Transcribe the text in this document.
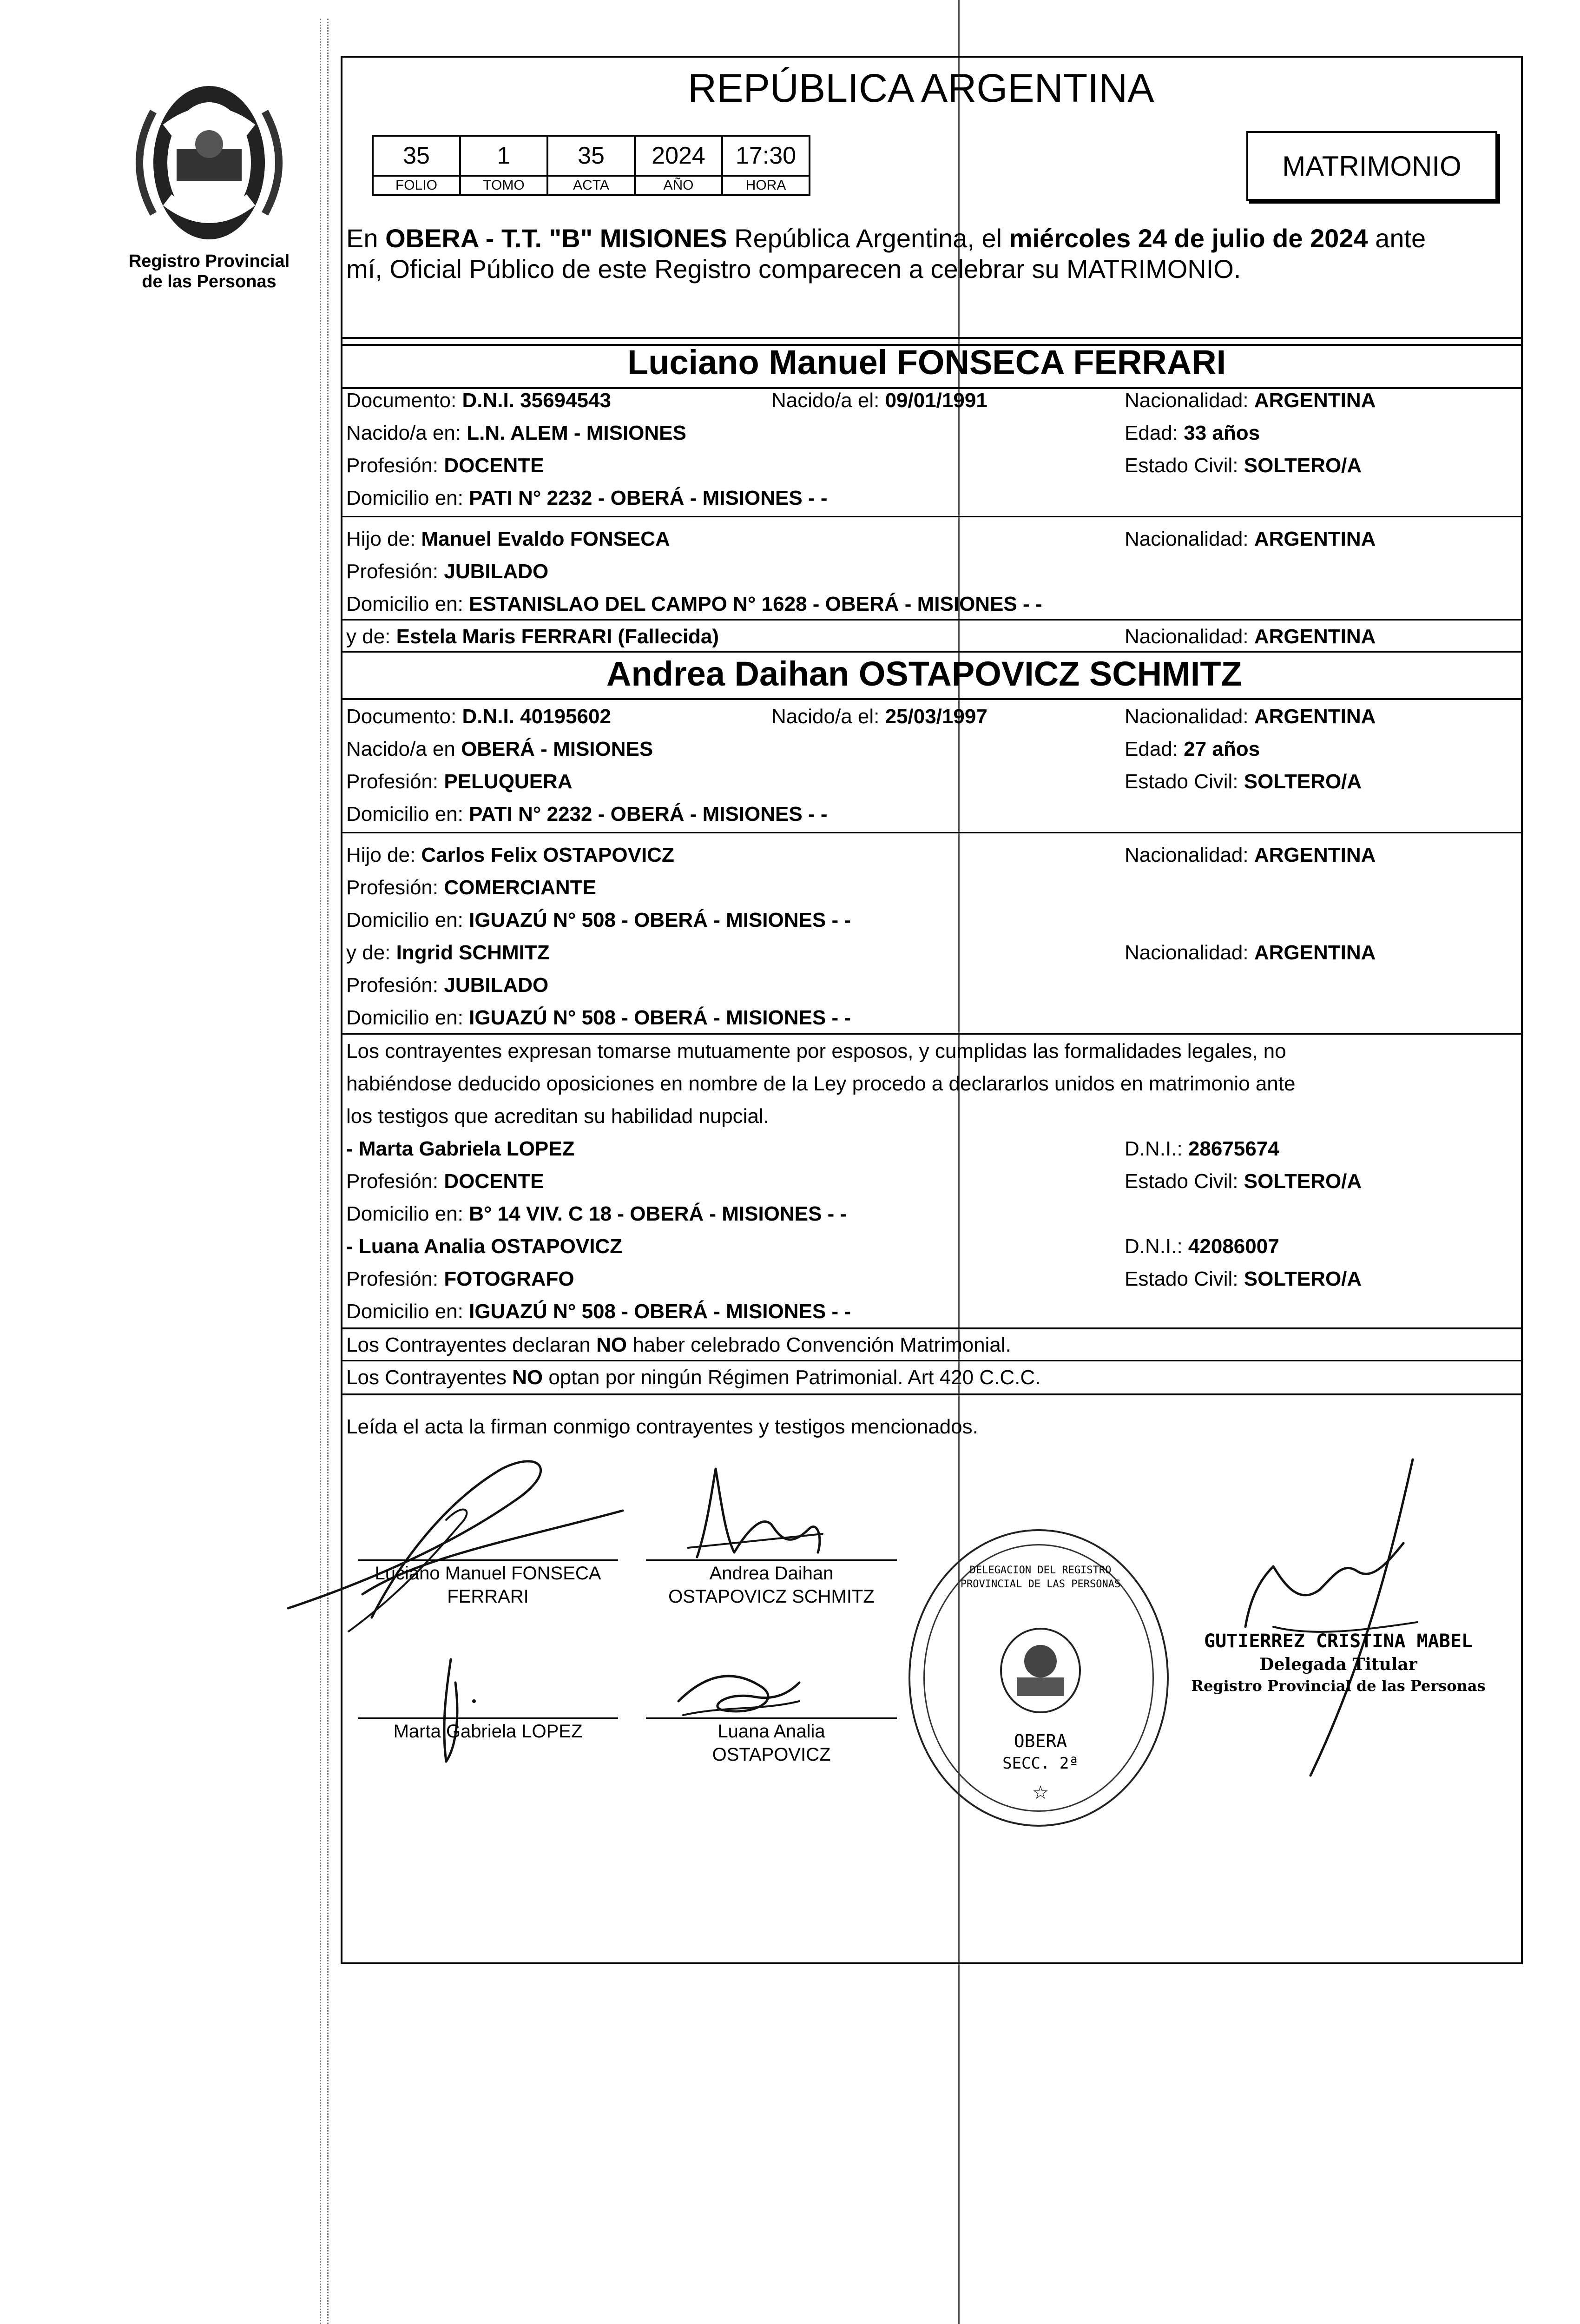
Registro Provincial
de las Personas
REPÚBLICA ARGENTINA
35	1	35	2024	17:30
FOLIO	TOMO	ACTA	AÑO	HORA
MATRIMONIO
En OBERA - T.T. "B" MISIONES República Argentina, el miércoles 24 de julio de 2024 ante
mí, Oficial Público de este Registro comparecen a celebrar su MATRIMONIO.
Luciano Manuel FONSECA FERRARI
Documento: D.N.I. 35694543	Nacido/a el: 09/01/1991	Nacionalidad: ARGENTINA
Nacido/a en: L.N. ALEM - MISIONES	Edad: 33 años
Profesión: DOCENTE	Estado Civil: SOLTERO/A
Domicilio en: PATI N° 2232 - OBERÁ - MISIONES - -
Hijo de: Manuel Evaldo FONSECA	Nacionalidad: ARGENTINA
Profesión: JUBILADO
Domicilio en: ESTANISLAO DEL CAMPO N° 1628 - OBERÁ - MISIONES - -
y de: Estela Maris FERRARI (Fallecida)	Nacionalidad: ARGENTINA
Andrea Daihan OSTAPOVICZ SCHMITZ
Documento: D.N.I. 40195602	Nacido/a el: 25/03/1997	Nacionalidad: ARGENTINA
Nacido/a en OBERÁ - MISIONES	Edad: 27 años
Profesión: PELUQUERA	Estado Civil: SOLTERO/A
Domicilio en: PATI N° 2232 - OBERÁ - MISIONES - -
Hijo de: Carlos Felix OSTAPOVICZ	Nacionalidad: ARGENTINA
Profesión: COMERCIANTE
Domicilio en: IGUAZÚ N° 508 - OBERÁ - MISIONES - -
y de: Ingrid SCHMITZ	Nacionalidad: ARGENTINA
Profesión: JUBILADO
Domicilio en: IGUAZÚ N° 508 - OBERÁ - MISIONES - -
Los contrayentes expresan tomarse mutuamente por esposos, y cumplidas las formalidades legales, no
habiéndose deducido oposiciones en nombre de la Ley procedo a declararlos unidos en matrimonio ante
los testigos que acreditan su habilidad nupcial.
- Marta Gabriela LOPEZ	D.N.I.: 28675674
Profesión: DOCENTE	Estado Civil: SOLTERO/A
Domicilio en: B° 14 VIV. C 18 - OBERÁ - MISIONES - -
- Luana Analia OSTAPOVICZ	D.N.I.: 42086007
Profesión: FOTOGRAFO	Estado Civil: SOLTERO/A
Domicilio en: IGUAZÚ N° 508 - OBERÁ - MISIONES - -
Los Contrayentes declaran NO haber celebrado Convención Matrimonial.
Los Contrayentes NO optan por ningún Régimen Patrimonial. Art 420 C.C.C.
Leída el acta la firman conmigo contrayentes y testigos mencionados.
Luciano Manuel FONSECA
FERRARI
Andrea Daihan
OSTAPOVICZ SCHMITZ
Marta Gabriela LOPEZ	Luana Analia
OSTAPOVICZ
DELEGACION DEL REGISTRO PROVINCIAL DE LAS PERSONAS
OBERA
SECC. 2ª
☆
GUTIERREZ CRISTINA MABEL
Delegada Titular
Registro Provincial de las Personas
